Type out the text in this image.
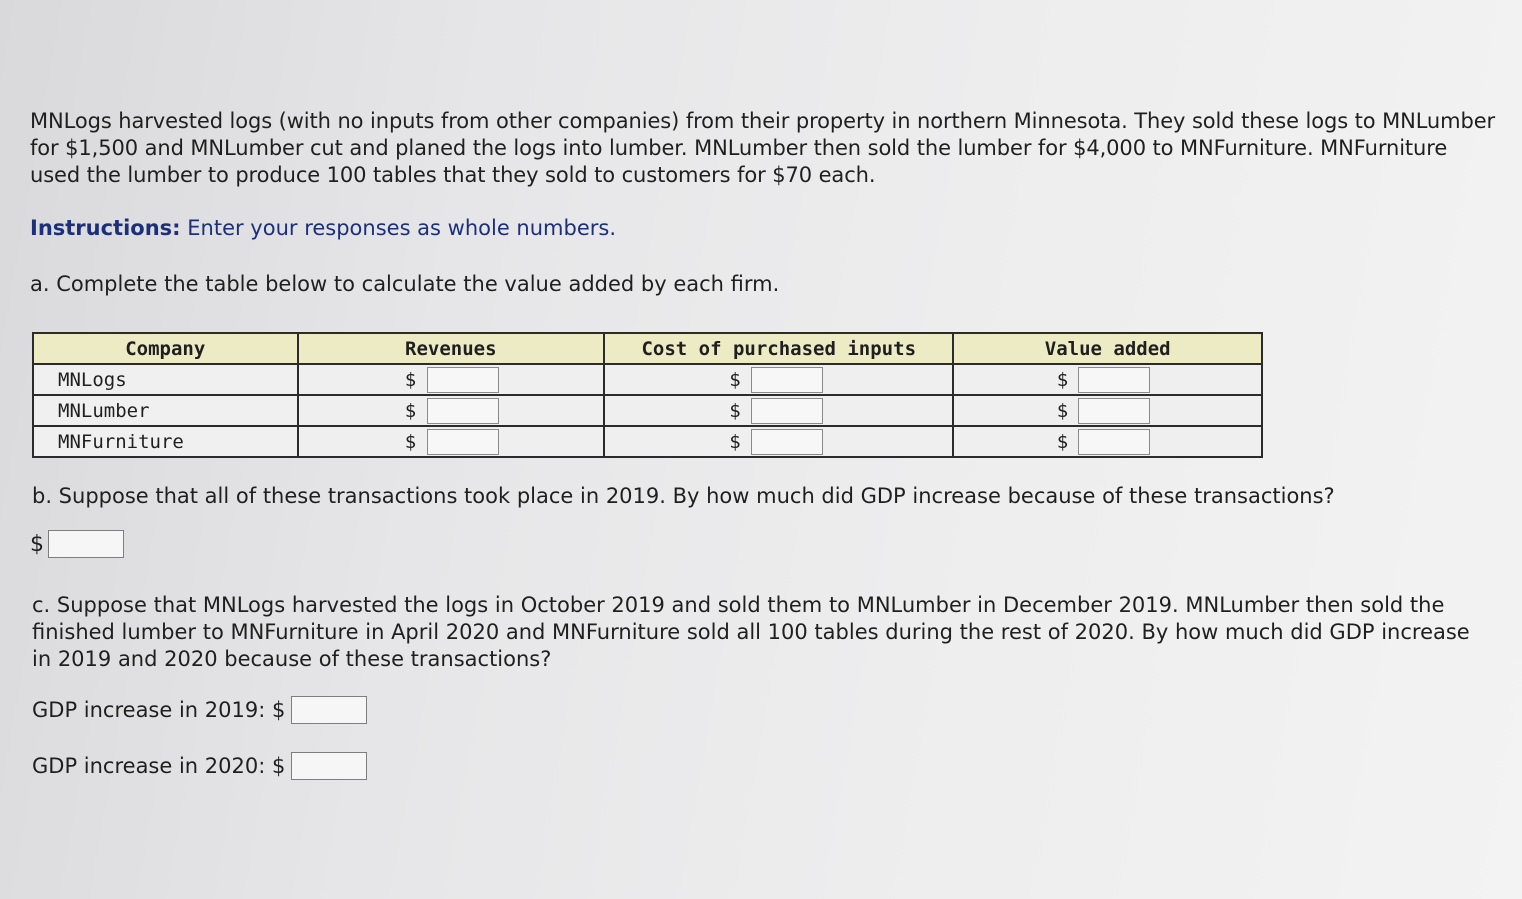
MNLogs harvested logs (with no inputs from other companies) from their property in northern Minnesota. They sold these logs to MNLumber for $1,500 and MNLumber cut and planed the logs into lumber. MNLumber then sold the lumber for $4,000 to MNFurniture. MNFurniture used the lumber to produce 100 tables that they sold to customers for $70 each.
Instructions: Enter your responses as whole numbers.
a. Complete the table below to calculate the value added by each firm.
Company	Revenues	Cost of purchased inputs	Value added
MNLogs	$	$	$

MNLumber	$	$	$

MNFurniture	$	$	$
b. Suppose that all of these transactions took place in 2019. By how much did GDP increase because of these transactions?
$
c. Suppose that MNLogs harvested the logs in October 2019 and sold them to MNLumber in December 2019. MNLumber then sold the finished lumber to MNFurniture in April 2020 and MNFurniture sold all 100 tables during the rest of 2020. By how much did GDP increase in 2019 and 2020 because of these transactions?
GDP increase in 2019: $
GDP increase in 2020: $
